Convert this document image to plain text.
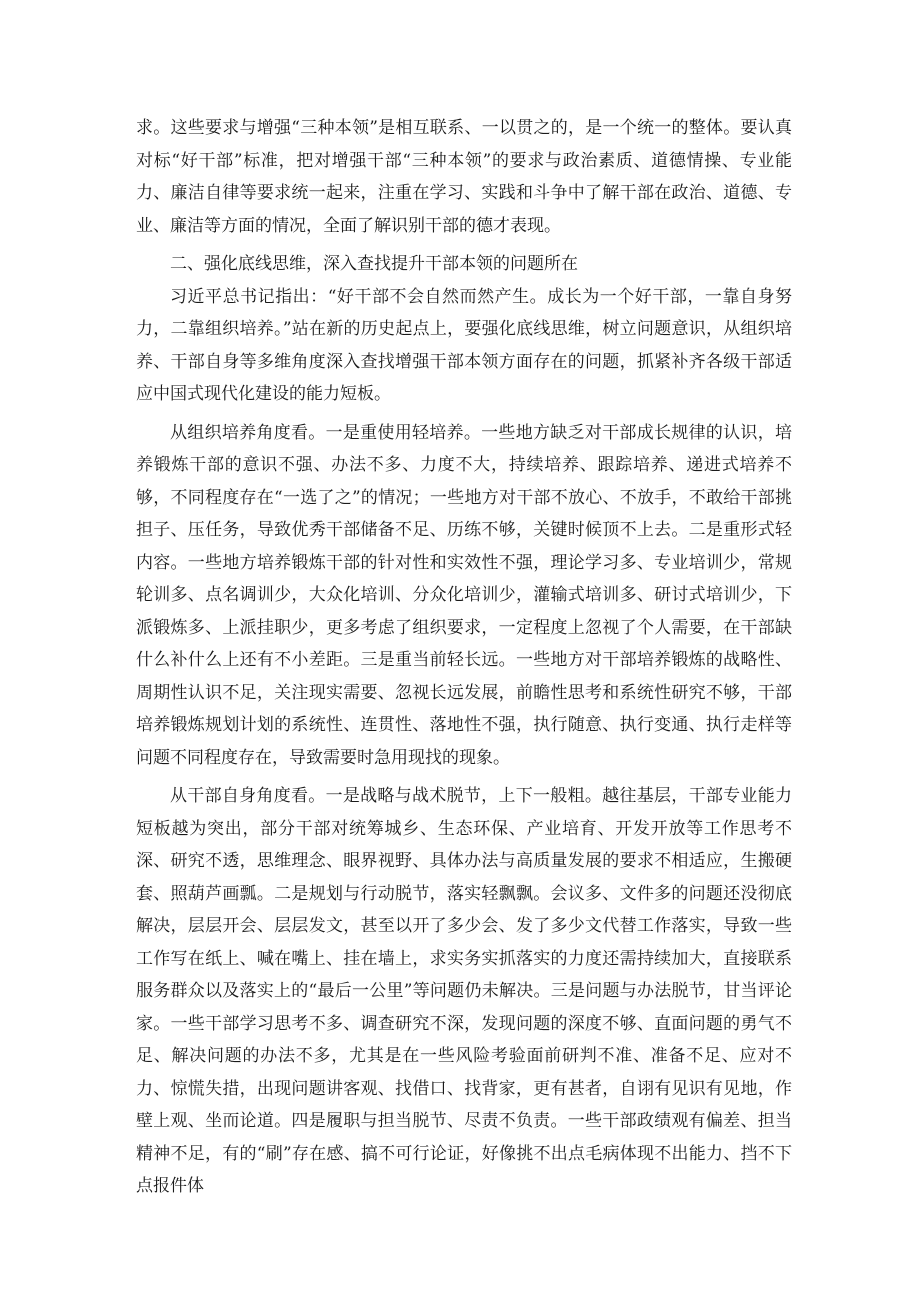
求。这些要求与增强“三种本领”是相互联系、一以贯之的，是一个统一的整体。要认真对标“好干部”标准，把对增强干部“三种本领”的要求与政治素质、道德情操、专业能力、廉洁自律等要求统一起来，注重在学习、实践和斗争中了解干部在政治、道德、专业、廉洁等方面的情况，全面了解识别干部的德才表现。

二、强化底线思维，深入查找提升干部本领的问题所在

习近平总书记指出：“好干部不会自然而然产生。成长为一个好干部，一靠自身努力，二靠组织培养。”站在新的历史起点上，要强化底线思维，树立问题意识，从组织培养、干部自身等多维角度深入查找增强干部本领方面存在的问题，抓紧补齐各级干部适应中国式现代化建设的能力短板。

从组织培养角度看。一是重使用轻培养。一些地方缺乏对干部成长规律的认识，培养锻炼干部的意识不强、办法不多、力度不大，持续培养、跟踪培养、递进式培养不够，不同程度存在“一选了之”的情况；一些地方对干部不放心、不放手，不敢给干部挑担子、压任务，导致优秀干部储备不足、历练不够，关键时候顶不上去。二是重形式轻内容。一些地方培养锻炼干部的针对性和实效性不强，理论学习多、专业培训少，常规轮训多、点名调训少，大众化培训、分众化培训少，灌输式培训多、研讨式培训少，下派锻炼多、上派挂职少，更多考虑了组织要求，一定程度上忽视了个人需要，在干部缺什么补什么上还有不小差距。三是重当前轻长远。一些地方对干部培养锻炼的战略性、周期性认识不足，关注现实需要、忽视长远发展，前瞻性思考和系统性研究不够，干部培养锻炼规划计划的系统性、连贯性、落地性不强，执行随意、执行变通、执行走样等问题不同程度存在，导致需要时急用现找的现象。

从干部自身角度看。一是战略与战术脱节，上下一般粗。越往基层，干部专业能力短板越为突出，部分干部对统筹城乡、生态环保、产业培育、开发开放等工作思考不深、研究不透，思维理念、眼界视野、具体办法与高质量发展的要求不相适应，生搬硬套、照葫芦画瓢。二是规划与行动脱节，落实轻飘飘。会议多、文件多的问题还没彻底解决，层层开会、层层发文，甚至以开了多少会、发了多少文代替工作落实，导致一些工作写在纸上、喊在嘴上、挂在墙上，求实务实抓落实的力度还需持续加大，直接联系服务群众以及落实上的“最后一公里”等问题仍未解决。三是问题与办法脱节，甘当评论家。一些干部学习思考不多、调查研究不深，发现问题的深度不够、直面问题的勇气不足、解决问题的办法不多，尤其是在一些风险考验面前研判不准、准备不足、应对不力、惊慌失措，出现问题讲客观、找借口、找背家，更有甚者，自诩有见识有见地，作壁上观、坐而论道。四是履职与担当脱节、尽责不负责。一些干部政绩观有偏差、担当精神不足，有的“刷”存在感、搞不可行论证，好像挑不出点毛病体现不出能力、挡不下点报件体
